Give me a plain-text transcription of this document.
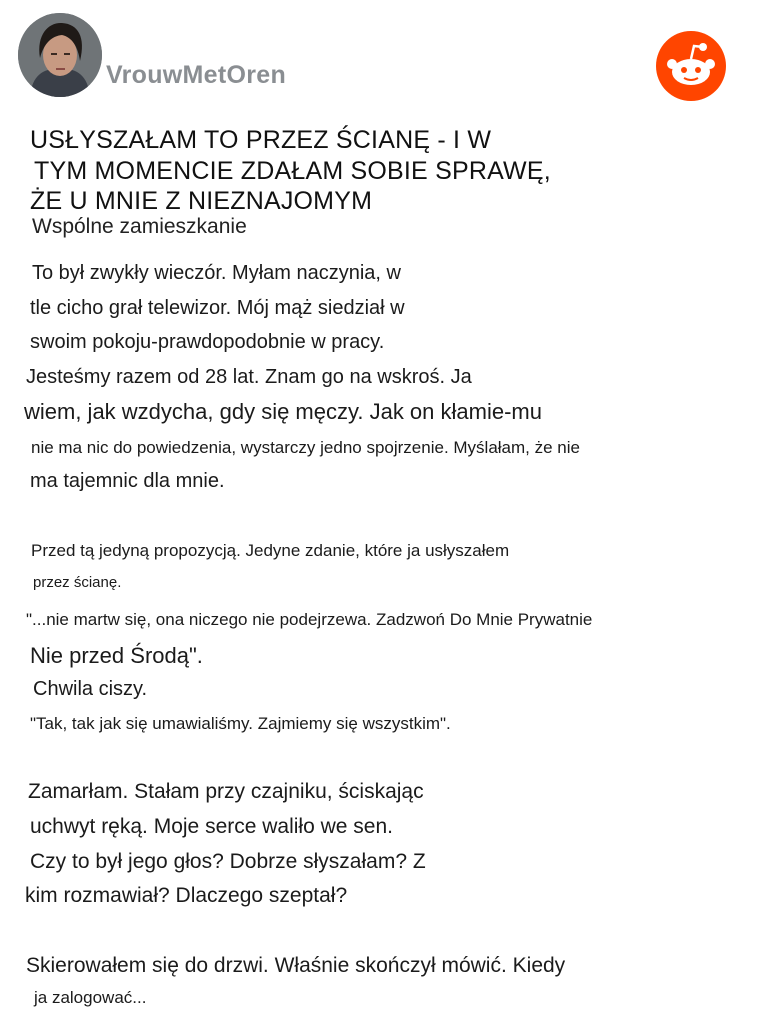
VrouwMetOren
USŁYSZAŁAM TO PRZEZ ŚCIANĘ - I W
TYM MOMENCIE ZDAŁAM SOBIE SPRAWĘ,
ŻE U MNIE Z NIEZNAJOMYM
Wspólne zamieszkanie
To był zwykły wieczór. Myłam naczynia, w
tle cicho grał telewizor. Mój mąż siedział w
swoim pokoju-prawdopodobnie w pracy.
Jesteśmy razem od 28 lat. Znam go na wskroś. Ja
wiem, jak wzdycha, gdy się męczy. Jak on kłamie-mu
nie ma nic do powiedzenia, wystarczy jedno spojrzenie. Myślałam, że nie
ma tajemnic dla mnie.
Przed tą jedyną propozycją. Jedyne zdanie, które ja usłyszałem
przez ścianę.
"...nie martw się, ona niczego nie podejrzewa. Zadzwoń Do Mnie Prywatnie
Nie przed Środą".
Chwila ciszy.
"Tak, tak jak się umawialiśmy. Zajmiemy się wszystkim".
Zamarłam. Stałam przy czajniku, ściskając
uchwyt ręką. Moje serce waliło we sen.
Czy to był jego głos? Dobrze słyszałam? Z
kim rozmawiał? Dlaczego szeptał?
Skierowałem się do drzwi. Właśnie skończył mówić. Kiedy
ja zalogować...
